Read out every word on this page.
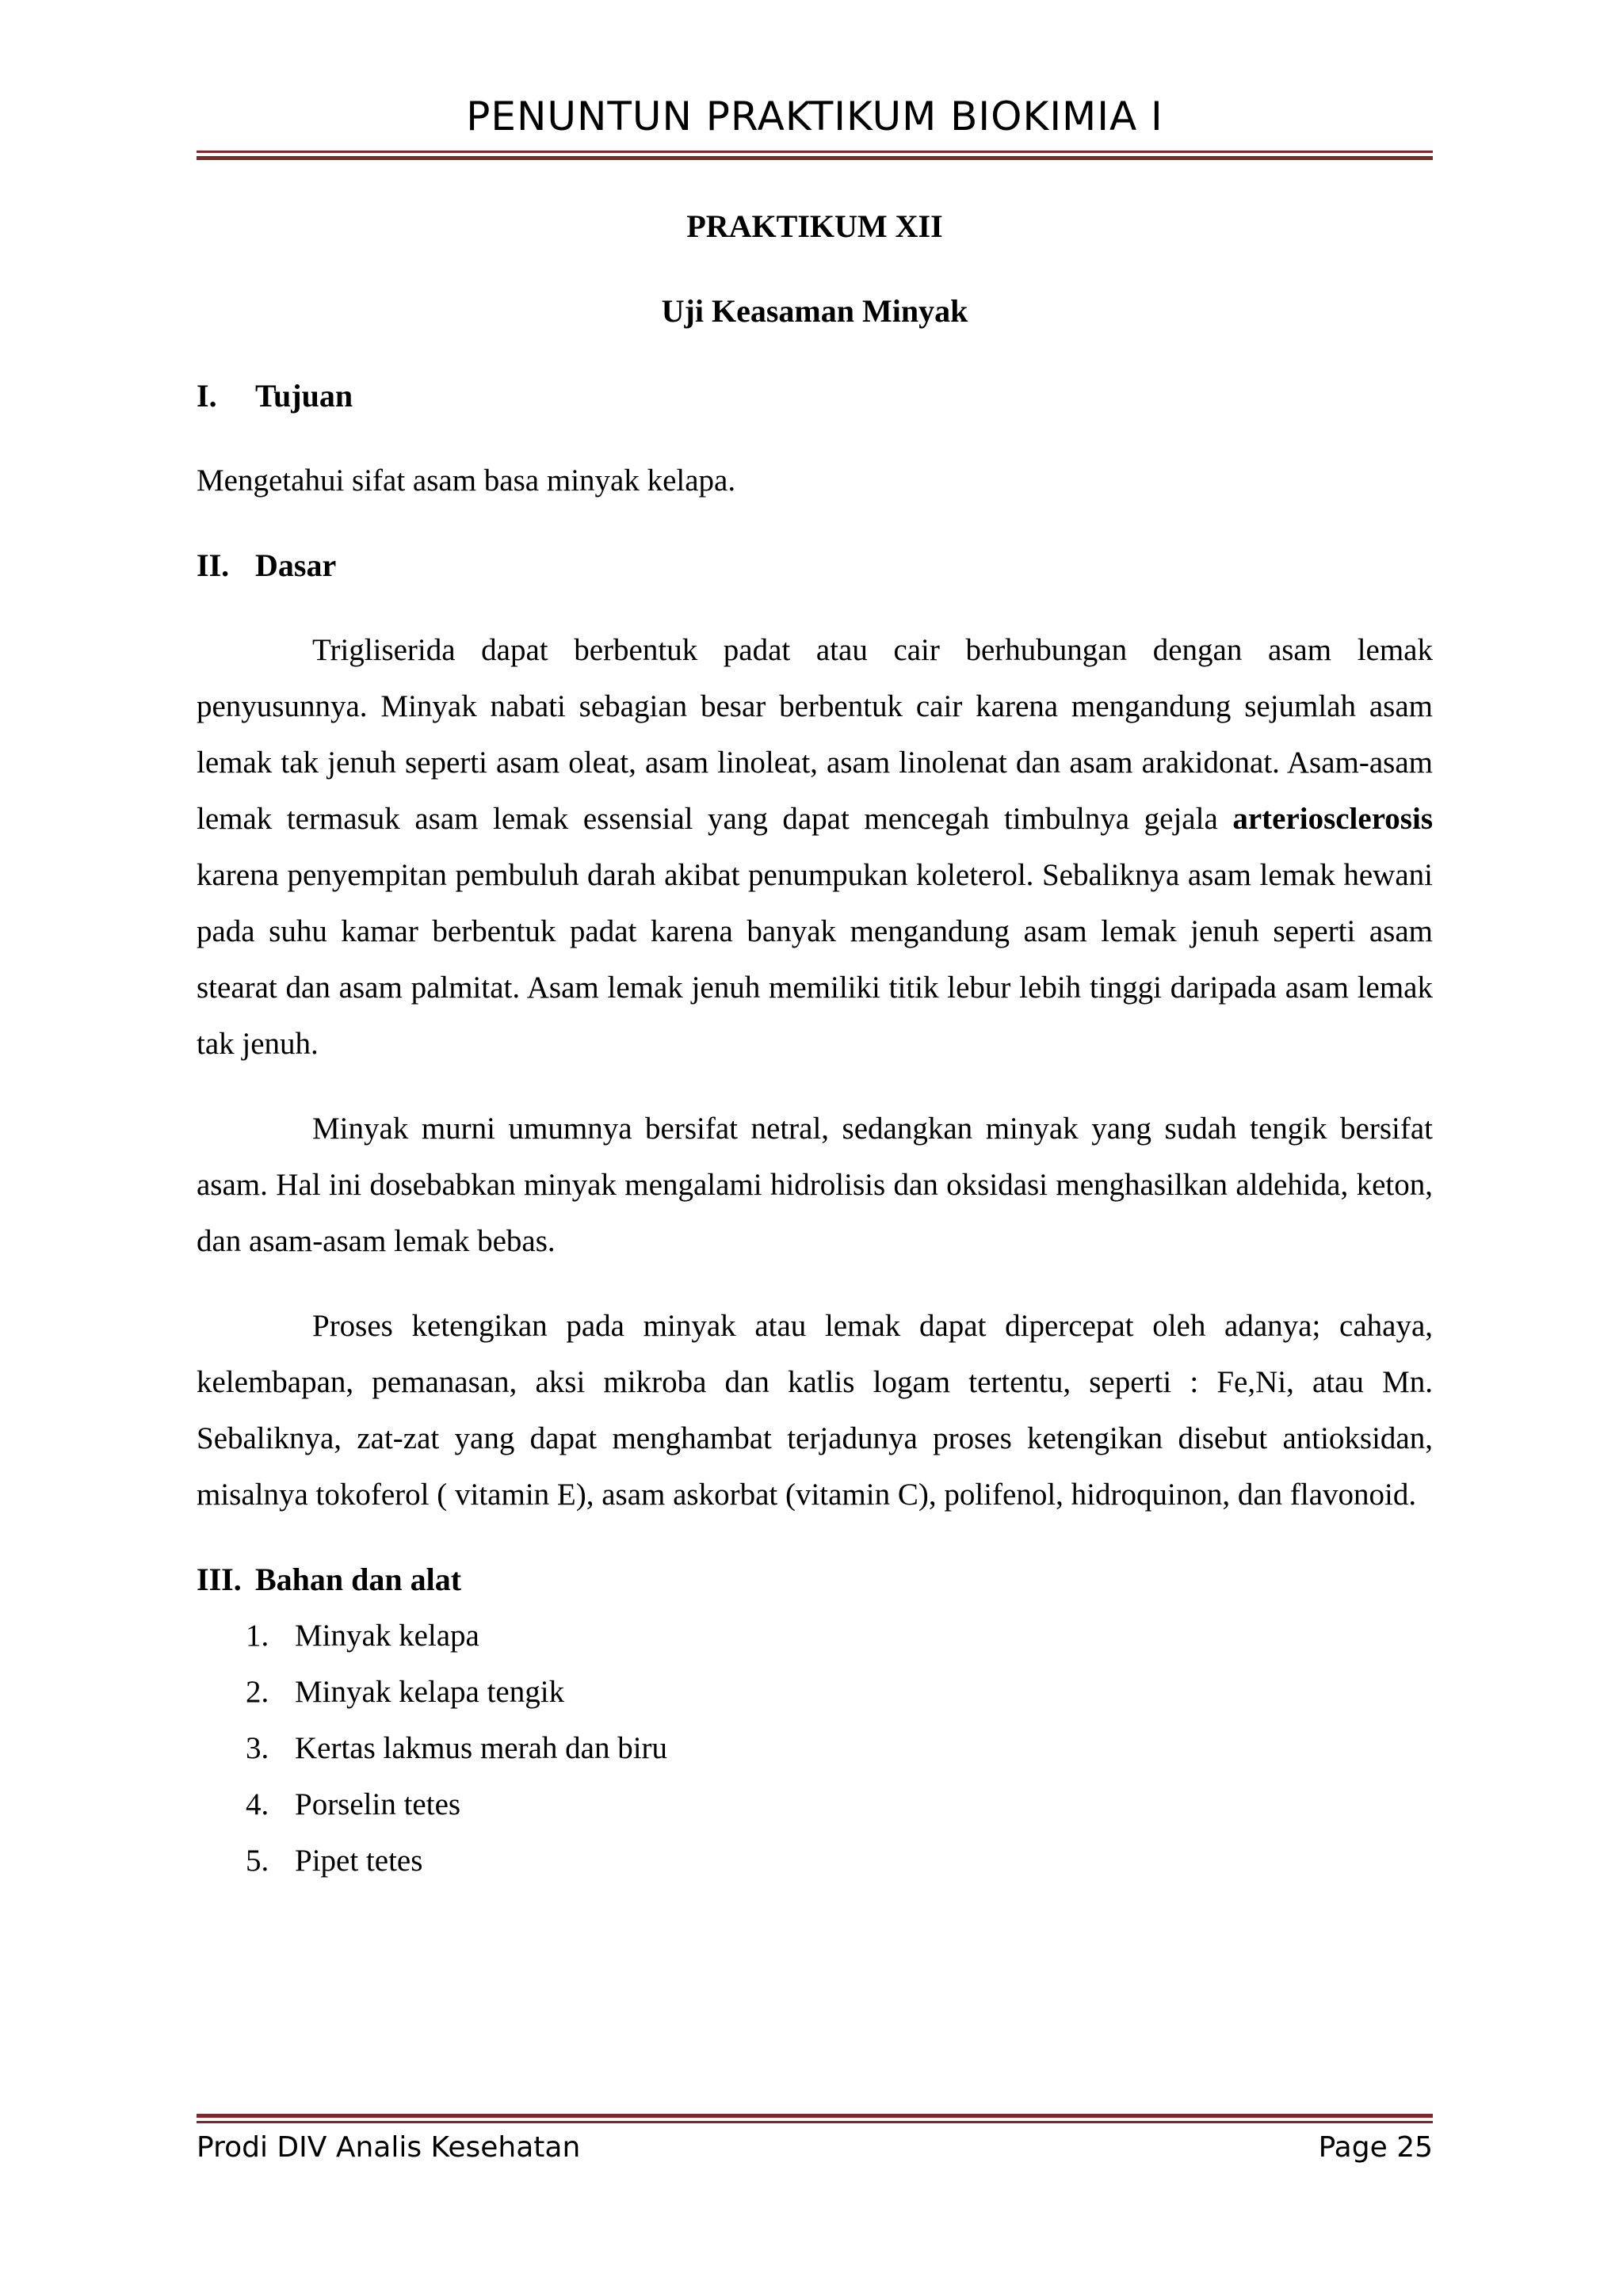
PENUNTUN PRAKTIKUM BIOKIMIA I

PRAKTIKUM XII

Uji Keasaman Minyak

I. Tujuan

Mengetahui sifat asam basa minyak kelapa.

II. Dasar

Trigliserida dapat berbentuk padat atau cair berhubungan dengan asam lemak penyusunnya. Minyak nabati sebagian besar berbentuk cair karena mengandung sejumlah asam lemak tak jenuh seperti asam oleat, asam linoleat, asam linolenat dan asam arakidonat. Asam-asam lemak termasuk asam lemak essensial yang dapat mencegah timbulnya gejala arteriosclerosis karena penyempitan pembuluh darah akibat penumpukan koleterol. Sebaliknya asam lemak hewani pada suhu kamar berbentuk padat karena banyak mengandung asam lemak jenuh seperti asam stearat dan asam palmitat. Asam lemak jenuh memiliki titik lebur lebih tinggi daripada asam lemak tak jenuh.

Minyak murni umumnya bersifat netral, sedangkan minyak yang sudah tengik bersifat asam. Hal ini dosebabkan minyak mengalami hidrolisis dan oksidasi menghasilkan aldehida, keton, dan asam-asam lemak bebas.

Proses ketengikan pada minyak atau lemak dapat dipercepat oleh adanya; cahaya, kelembapan, pemanasan, aksi mikroba dan katlis logam tertentu, seperti : Fe,Ni, atau Mn. Sebaliknya, zat-zat yang dapat menghambat terjadunya proses ketengikan disebut antioksidan, misalnya tokoferol ( vitamin E), asam askorbat (vitamin C), polifenol, hidroquinon, dan flavonoid.

III. Bahan dan alat
1. Minyak kelapa
2. Minyak kelapa tengik
3. Kertas lakmus merah dan biru
4. Porselin tetes
5. Pipet tetes
Prodi DIV Analis Kesehatan	Page 25
